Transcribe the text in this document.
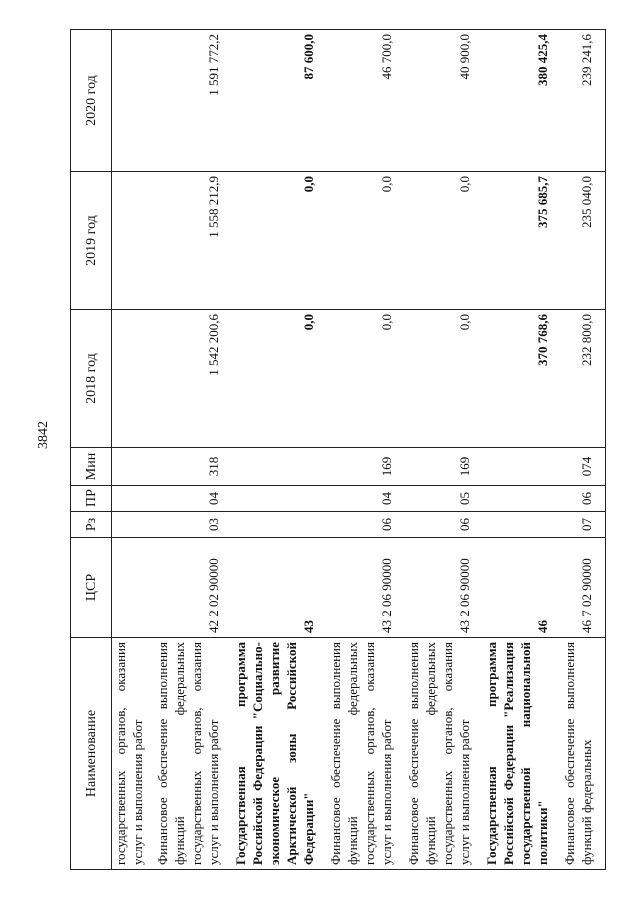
3842
Наименование	ЦСР	Рз	ПР	Мин	2018 год	2019 год	2020 год
государственных органов, оказания услуг и выполнения работ							
Финансовое обеспечение выполнения функций федеральных государственных органов, оказания услуг и выполнения работ	42 2 02 90000	03	04	318	1 542 200,6	1 558 212,9	1 591 772,2
Государственная программа Российской Федерации "Социально-экономическое развитие Арктической зоны Российской Федерации"	43				0,0	0,0	87 600,0
Финансовое обеспечение выполнения функций федеральных государственных органов, оказания услуг и выполнения работ	43 2 06 90000	06	04	169	0,0	0,0	46 700,0
Финансовое обеспечение выполнения функций федеральных государственных органов, оказания услуг и выполнения работ	43 2 06 90000	06	05	169	0,0	0,0	40 900,0
Государственная программа Российской Федерации "Реализация государственной национальной политики"	46				370 768,6	375 685,7	380 425,4
Финансовое обеспечение выполнения функций федеральных	46 7 02 90000	07	06	074	232 800,0	235 040,0	239 241,6
